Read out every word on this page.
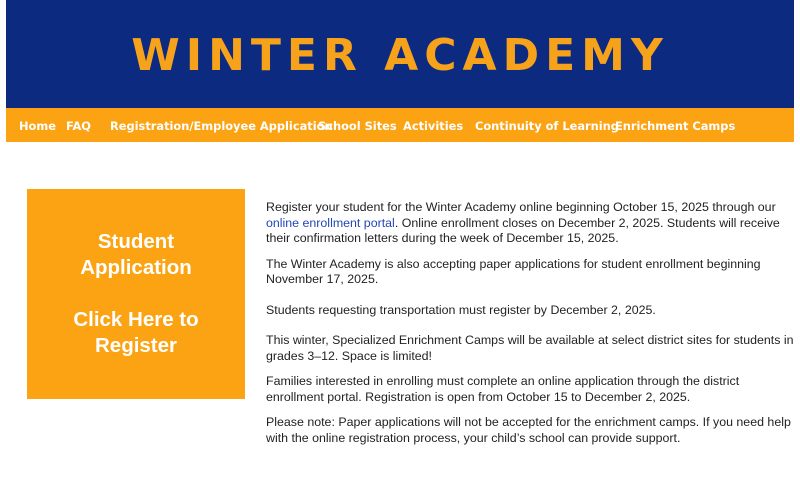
WINTER ACADEMY
Home FAQ Registration/Employee Application
School Sites Activities Continuity of Learning
Enrichment Camps
Student
Application
Click Here to
Register

Register your student for the Winter Academy online beginning October 15, 2025 through our online enrollment portal. Online enrollment closes on December 2, 2025. Students will receive their confirmation letters during the week of December 15, 2025.

The Winter Academy is also accepting paper applications for student enrollment beginning November 17, 2025.

Students requesting transportation must register by December 2, 2025.

This winter, Specialized Enrichment Camps will be available at select district sites for students in grades 3–12. Space is limited!

Families interested in enrolling must complete an online application through the district enrollment portal. Registration is open from October 15 to December 2, 2025.

Please note: Paper applications will not be accepted for the enrichment camps. If you need help with the online registration process, your child’s school can provide support.
